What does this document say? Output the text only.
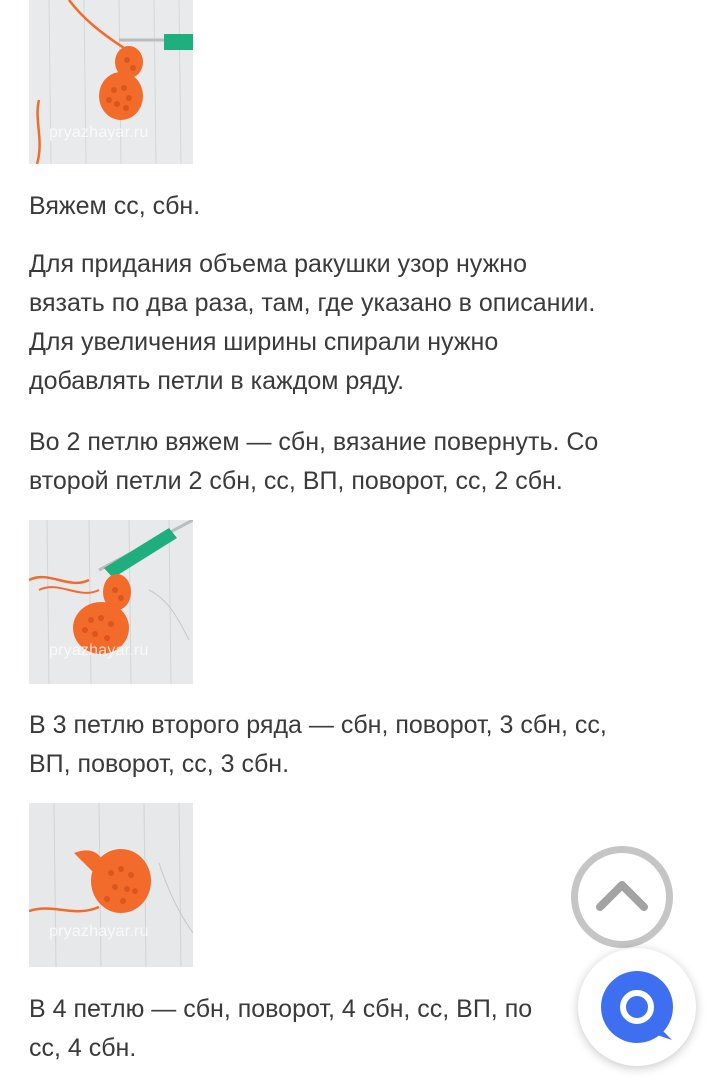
pryazhayar.ru

Вяжем сс, сбн.

Для придания объема ракушки узор нужно
вязать по два раза, там, где указано в описании.
Для увеличения ширины спирали нужно
добавлять петли в каждом ряду.

Во 2 петлю вяжем — сбн, вязание повернуть. Со
второй петли 2 сбн, сс, ВП, поворот, сс, 2 сбн.

pryazhayar.ru

В 3 петлю второго ряда — сбн, поворот, 3 сбн, сс,
ВП, поворот, сс, 3 сбн.

pryazhayar.ru

В 4 петлю — сбн, поворот, 4 сбн, сс, ВП, по
сс, 4 сбн.
